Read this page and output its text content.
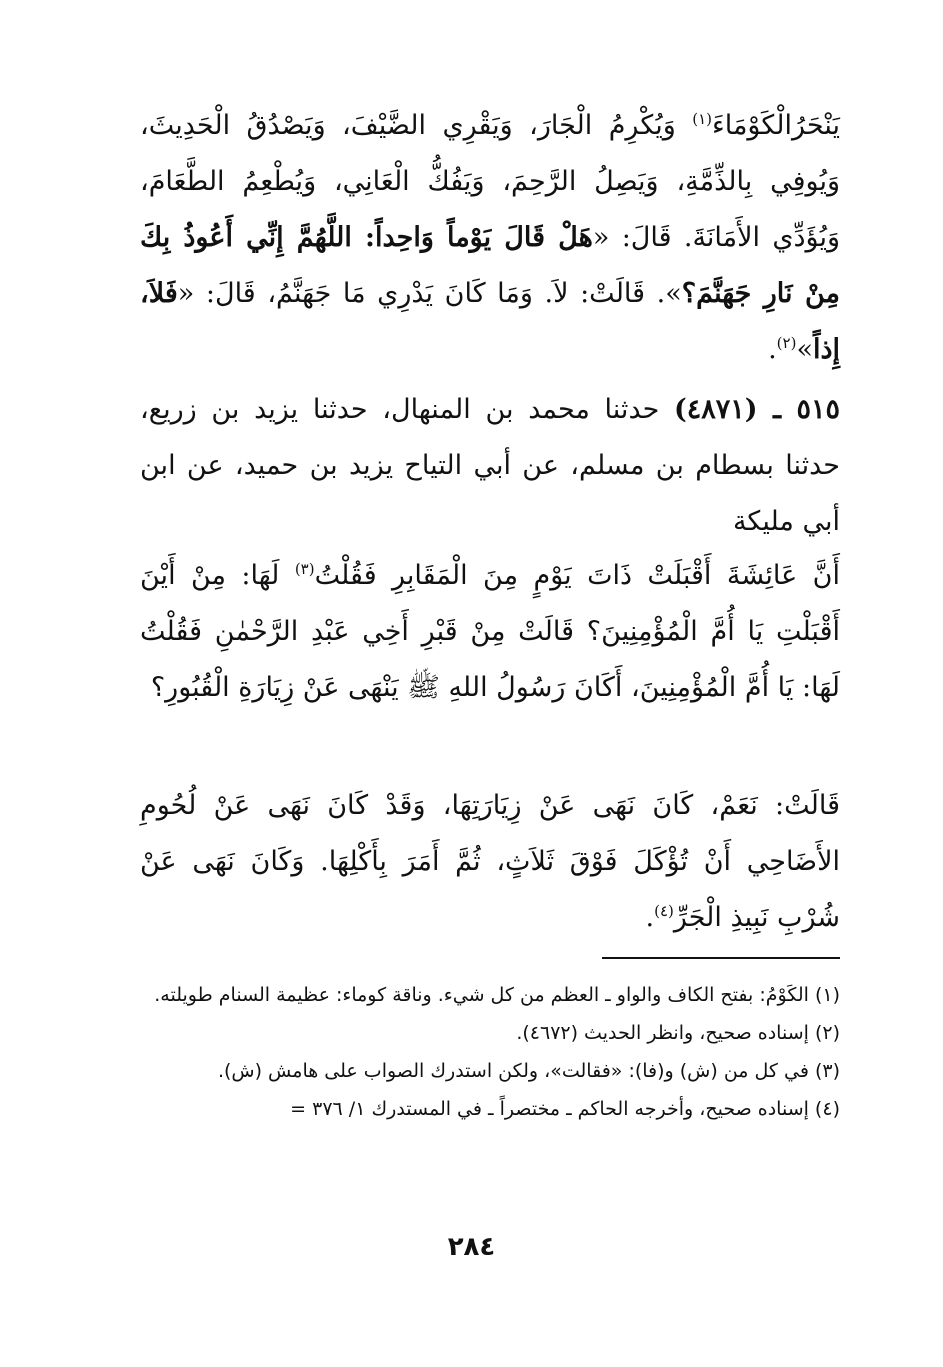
يَنْحَرُالْكَوْمَاءَ$^{(١)}$ وَيُكْرِمُ الْجَارَ، وَيَقْرِي الضَّيْفَ، وَيَصْدُقُ الْحَدِيثَ، وَيُوفِي بِالذِّمَّةِ، وَيَصِلُ الرَّحِمَ، وَيَفُكُّ الْعَانِي، وَيُطْعِمُ الطَّعَامَ، وَيُؤَدِّي الأَمَانَةَ. قَالَ: «هَلْ قَالَ يَوْماً وَاحِداً: اللَّهُمَّ إِنِّي أَعُوذُ بِكَ مِنْ نَارِ جَهَنَّمَ؟». قَالَتْ: لاَ. وَمَا كَانَ يَدْرِي مَا جَهَنَّمُ، قَالَ: «فَلاَ، إِذاً»$^{(٢)}$.

٥١٥ ـ (٤٨٧١) حدثنا محمد بن المنهال، حدثنا يزيد بن زريع، حدثنا بسطام بن مسلم، عن أبي التياح يزيد بن حميد، عن ابن أبي مليكة

أَنَّ عَائِشَةَ أَقْبَلَتْ ذَاتَ يَوْمٍ مِنَ الْمَقَابِرِ فَقُلْتُ$^{(٣)}$ لَهَا: مِنْ أَيْنَ أَقْبَلْتِ يَا أُمَّ الْمُؤْمِنِينَ؟ قَالَتْ مِنْ قَبْرِ أَخِي عَبْدِ الرَّحْمٰنِ فَقُلْتُ لَهَا: يَا أُمَّ الْمُؤْمِنِينَ، أَكَانَ رَسُولُ اللهِ ﷺ يَنْهَى عَنْ زِيَارَةِ الْقُبُورِ؟

قَالَتْ: نَعَمْ، كَانَ نَهَى عَنْ زِيَارَتِهَا، وَقَدْ كَانَ نَهَى عَنْ لُحُومِ الأَضَاحِي أَنْ تُؤْكَلَ فَوْقَ ثَلاَثٍ، ثُمَّ أَمَرَ بِأَكْلِهَا. وَكَانَ نَهَى عَنْ شُرْبِ نَبِيذِ الْجَرِّ$^{(٤)}$.

(١) الكَوْمُ: بفتح الكاف والواو ـ العظم من كل شيء. وناقة كوماء: عظيمة السنام طويلته.

(٢) إسناده صحيح، وانظر الحديث (٤٦٧٢).

(٣) في كل من (ش) و(فا): «فقالت»، ولكن استدرك الصواب على هامش (ش).

(٤) إسناده صحيح، وأخرجه الحاكم ـ مختصراً ـ في المستدرك ١/ ٣٧٦ =

٢٨٤
